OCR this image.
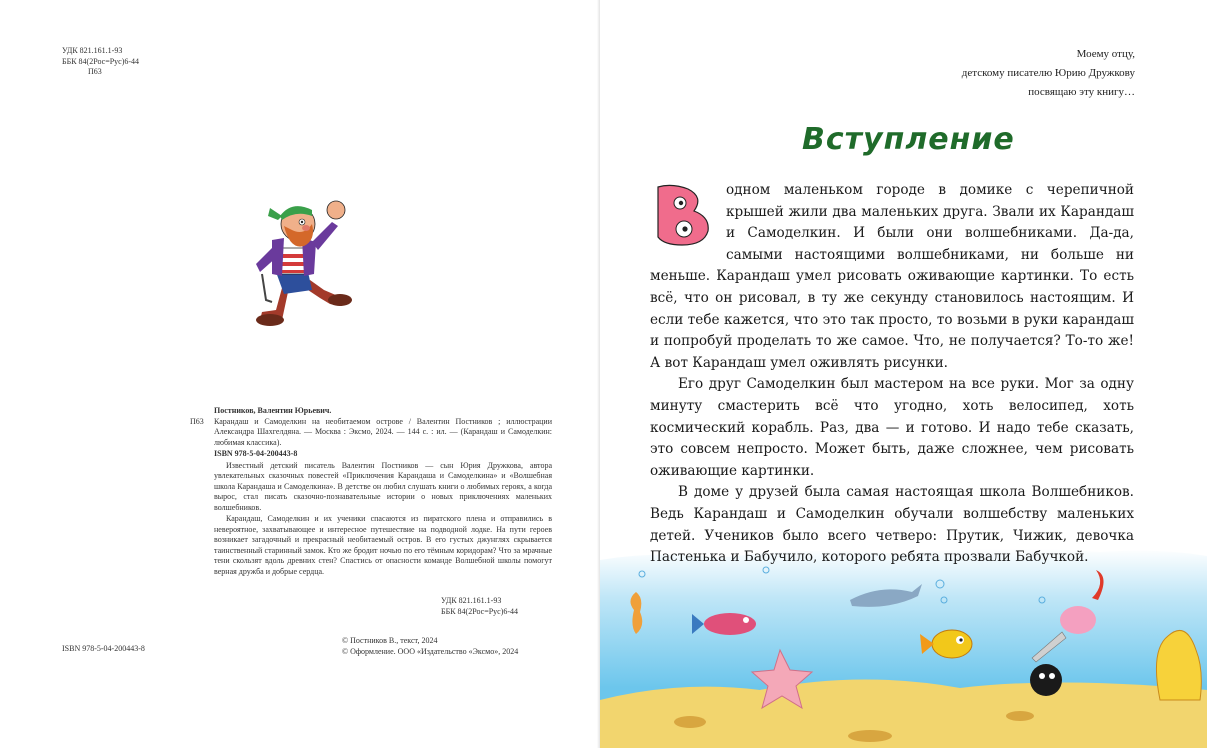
УДК 821.161.1-93
ББК 84(2Рос=Рус)6-44
П63
Постников, Валентин Юрьевич.
П63 Карандаш и Самоделкин на необитаемом острове / Валентин Постников ; иллюстрации Александра Шахгелдяна. — Москва : Эксмо, 2024. — 144 с. : ил. — (Карандаш и Самоделкин: любимая классика).
ISBN 978-5-04-200443-8
Известный детский писатель Валентин Постников — сын Юрия Дружкова, автора увлекательных сказочных повестей «Приключения Карандаша и Самоделкина» и «Волшебная школа Карандаша и Самоделкина». В детстве он любил слушать книги о любимых героях, а когда вырос, стал писать сказочно-познавательные истории о новых приключениях маленьких волшебников.
Карандаш, Самоделкин и их ученики спасаются из пиратского плена и отправились в невероятное, захватывающее и интересное путешествие на подводной лодке. На пути героев возникает загадочный и прекрасный необитаемый остров. В его густых джунглях скрывается таинственный старинный замок. Кто же бродит ночью по его тёмным коридорам? Что за мрачные тени скользят вдоль древних стен? Спастись от опасности команде Волшебной школы помогут верная дружба и добрые сердца.
УДК 821.161.1-93
ББК 84(2Рос=Рус)6-44
ISBN 978-5-04-200443-8
© Постников В., текст, 2024
© Оформление. ООО «Издательство «Эксмо», 2024
Моему отцу,
детскому писателю Юрию Дружкову
посвящаю эту книгу…
Вступление

В
одном маленьком городе в домике с черепичной крышей жили два маленьких друга. Звали их Карандаш и Самоделкин. И были они волшебниками. Да-да, самыми настоящими волшебниками, ни больше ни меньше. Карандаш умел рисовать оживающие картинки. То есть всё, что он рисовал, в ту же секунду становилось настоящим. И если тебе кажется, что это так просто, то возьми в руки карандаш и попробуй проделать то же самое. Что, не получается? То-то же! А вот Карандаш умел оживлять рисунки.

Его друг Самоделкин был мастером на все руки. Мог за одну минуту смастерить всё что угодно, хоть велосипед, хоть космический корабль. Раз, два — и готово. И надо тебе сказать, это совсем непросто. Может быть, даже сложнее, чем рисовать оживающие картинки.

В доме у друзей была самая настоящая школа Волшебников. Ведь Карандаш и Самоделкин обучали волшебству маленьких детей. Учеников было всего четверо: Прутик, Чижик, девочка Пастенька и Бабучило, которого ребята прозвали Бабучкой.
